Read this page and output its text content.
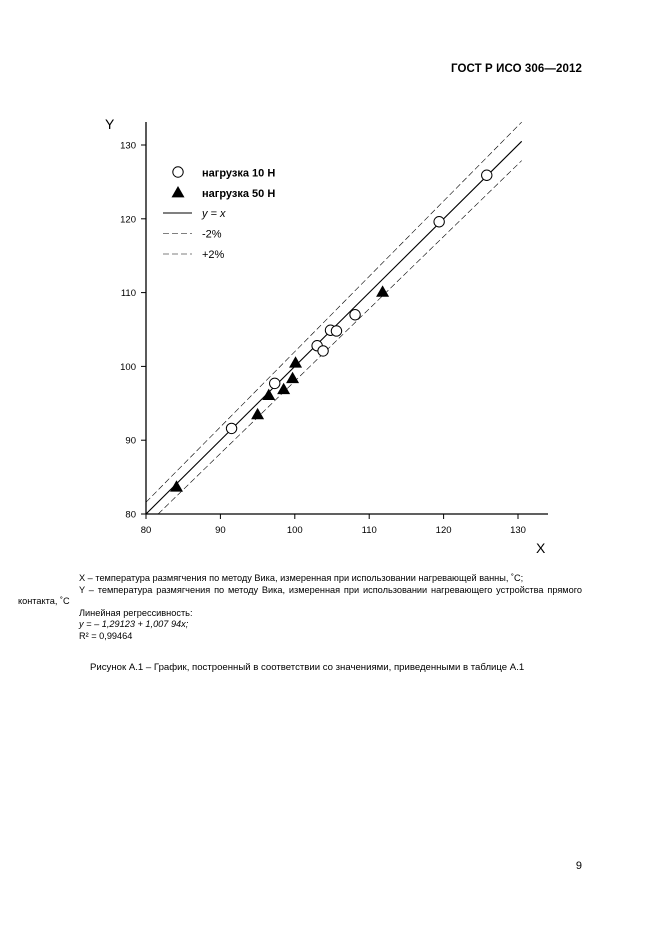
ГОСТ Р ИСО 306—2012
X
Y
80	90	100	110	120	130
80
90
100
110
120
130
нагрузка 10 Н
нагрузка 50 Н
y = x
-2%
+2%

X – температура размягчения по методу Вика, измеренная при использовании нагревающей ванны, ˚С;

Y – температура размягчения по методу Вика, измеренная при использовании нагревающего устройства прямого контакта, ˚С

Линейная регрессивность:

y = – 1,29123 + 1,007 94x;

R² = 0,99464

Рисунок А.1 – График, построенный в соответствии со значениями, приведенными в таблице А.1
9
